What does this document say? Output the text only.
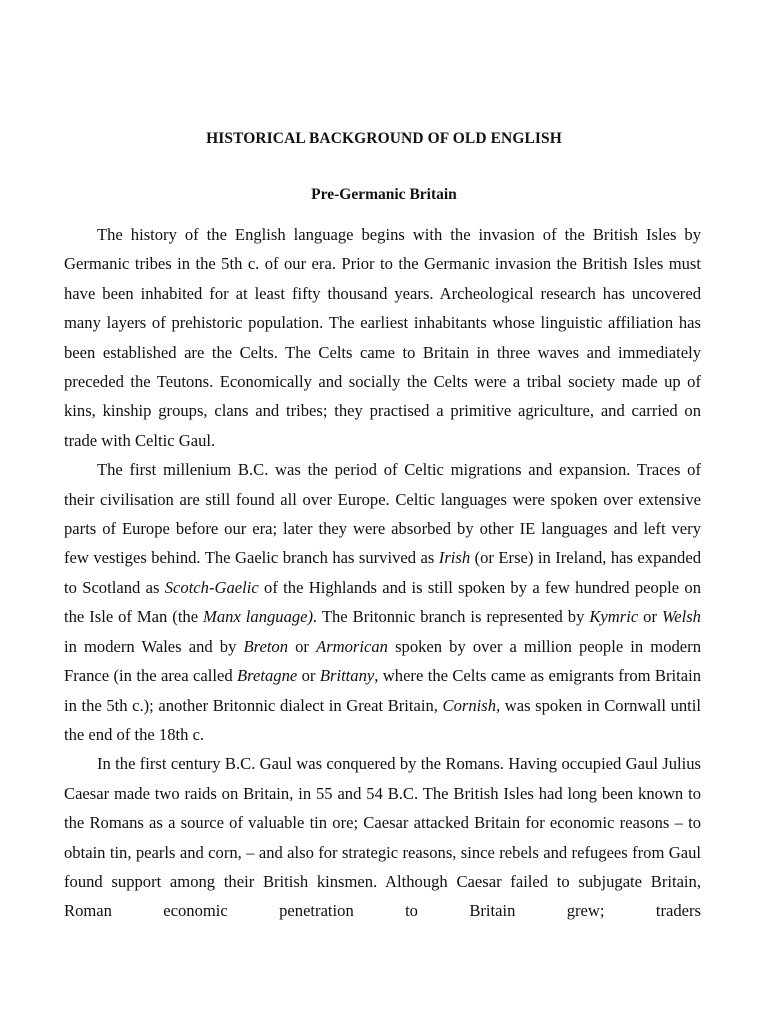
HISTORICAL BACKGROUND OF OLD ENGLISH
Pre-Germanic Britain

The history of the English language begins with the invasion of the British Isles by Germanic tribes in the 5th c. of our era. Prior to the Germanic invasion the British Isles must have been inhabited for at least fifty thousand years. Archeological research has uncovered many layers of prehistoric population. The earliest inhabitants whose linguistic affiliation has been established are the Celts. The Celts came to Britain in three waves and immediately preceded the Teutons. Economically and socially the Celts were a tribal society made up of kins, kinship groups, clans and tribes; they practised a primitive agriculture, and carried on trade with Celtic Gaul.

The first millenium B.C. was the period of Celtic migrations and expansion. Traces of their civilisation are still found all over Europe. Celtic languages were spoken over extensive parts of Europe before our era; later they were absorbed by other IE languages and left very few vestiges behind. The Gaelic branch has survived as Irish (or Erse) in Ireland, has expanded to Scotland as Scotch-Gaelic of the Highlands and is still spoken by a few hundred people on the Isle of Man (the Manx language). The Britonnic branch is represented by Kymric or Welsh in modern Wales and by Breton or Armorican spoken by over a million people in modern France (in the area called Bretagne or Brittany, where the Celts came as emigrants from Britain in the 5th c.); another Britonnic dialect in Great Britain, Cornish, was spoken in Cornwall until the end of the 18th c.

In the first century B.C. Gaul was conquered by the Romans. Having occupied Gaul Julius Caesar made two raids on Britain, in 55 and 54 B.C. The British Isles had long been known to the Romans as a source of valuable tin ore; Caesar attacked Britain for economic reasons – to obtain tin, pearls and corn, – and also for strategic reasons, since rebels and refugees from Gaul found support among their British kinsmen. Although Caesar failed to subjugate Britain, Roman economic penetration to Britain grew; traders
